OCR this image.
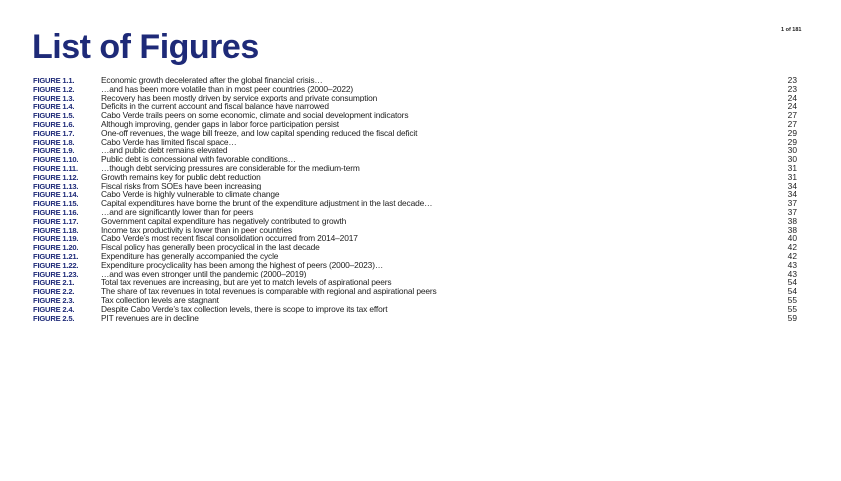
1 of 181
List of Figures
FIGURE 1.1.	Economic growth decelerated after the global financial crisis…	23
FIGURE 1.2.	…and has been more volatile than in most peer countries (2000–2022)	23
FIGURE 1.3.	Recovery has been mostly driven by service exports and private consumption	24
FIGURE 1.4.	Deficits in the current account and fiscal balance have narrowed	24
FIGURE 1.5.	Cabo Verde trails peers on some economic, climate and social development indicators	27
FIGURE 1.6.	Although improving, gender gaps in labor force participation persist	27
FIGURE 1.7.	One-off revenues, the wage bill freeze, and low capital spending reduced the fiscal deficit	29
FIGURE 1.8.	Cabo Verde has limited fiscal space…	29
FIGURE 1.9.	…and public debt remains elevated	30
FIGURE 1.10.	Public debt is concessional with favorable conditions…	30
FIGURE 1.11.	…though debt servicing pressures are considerable for the medium-term	31
FIGURE 1.12.	Growth remains key for public debt reduction	31
FIGURE 1.13.	Fiscal risks from SOEs have been increasing	34
FIGURE 1.14.	Cabo Verde is highly vulnerable to climate change	34
FIGURE 1.15.	Capital expenditures have borne the brunt of the expenditure adjustment in the last decade…	37
FIGURE 1.16.	…and are significantly lower than for peers	37
FIGURE 1.17.	Government capital expenditure has negatively contributed to growth	38
FIGURE 1.18.	Income tax productivity is lower than in peer countries	38
FIGURE 1.19.	Cabo Verde’s most recent fiscal consolidation occurred from 2014–2017	40
FIGURE 1.20.	Fiscal policy has generally been procyclical in the last decade	42
FIGURE 1.21.	Expenditure has generally accompanied the cycle	42
FIGURE 1.22.	Expenditure procyclicality has been among the highest of peers (2000–2023)…	43
FIGURE 1.23.	…and was even stronger until the pandemic (2000–2019)	43
FIGURE 2.1.	Total tax revenues are increasing, but are yet to match levels of aspirational peers	54
FIGURE 2.2.	The share of tax revenues in total revenues is comparable with regional and aspirational peers	54
FIGURE 2.3.	Tax collection levels are stagnant	55
FIGURE 2.4.	Despite Cabo Verde’s tax collection levels, there is scope to improve its tax effort	55
FIGURE 2.5.	PIT revenues are in decline	59
